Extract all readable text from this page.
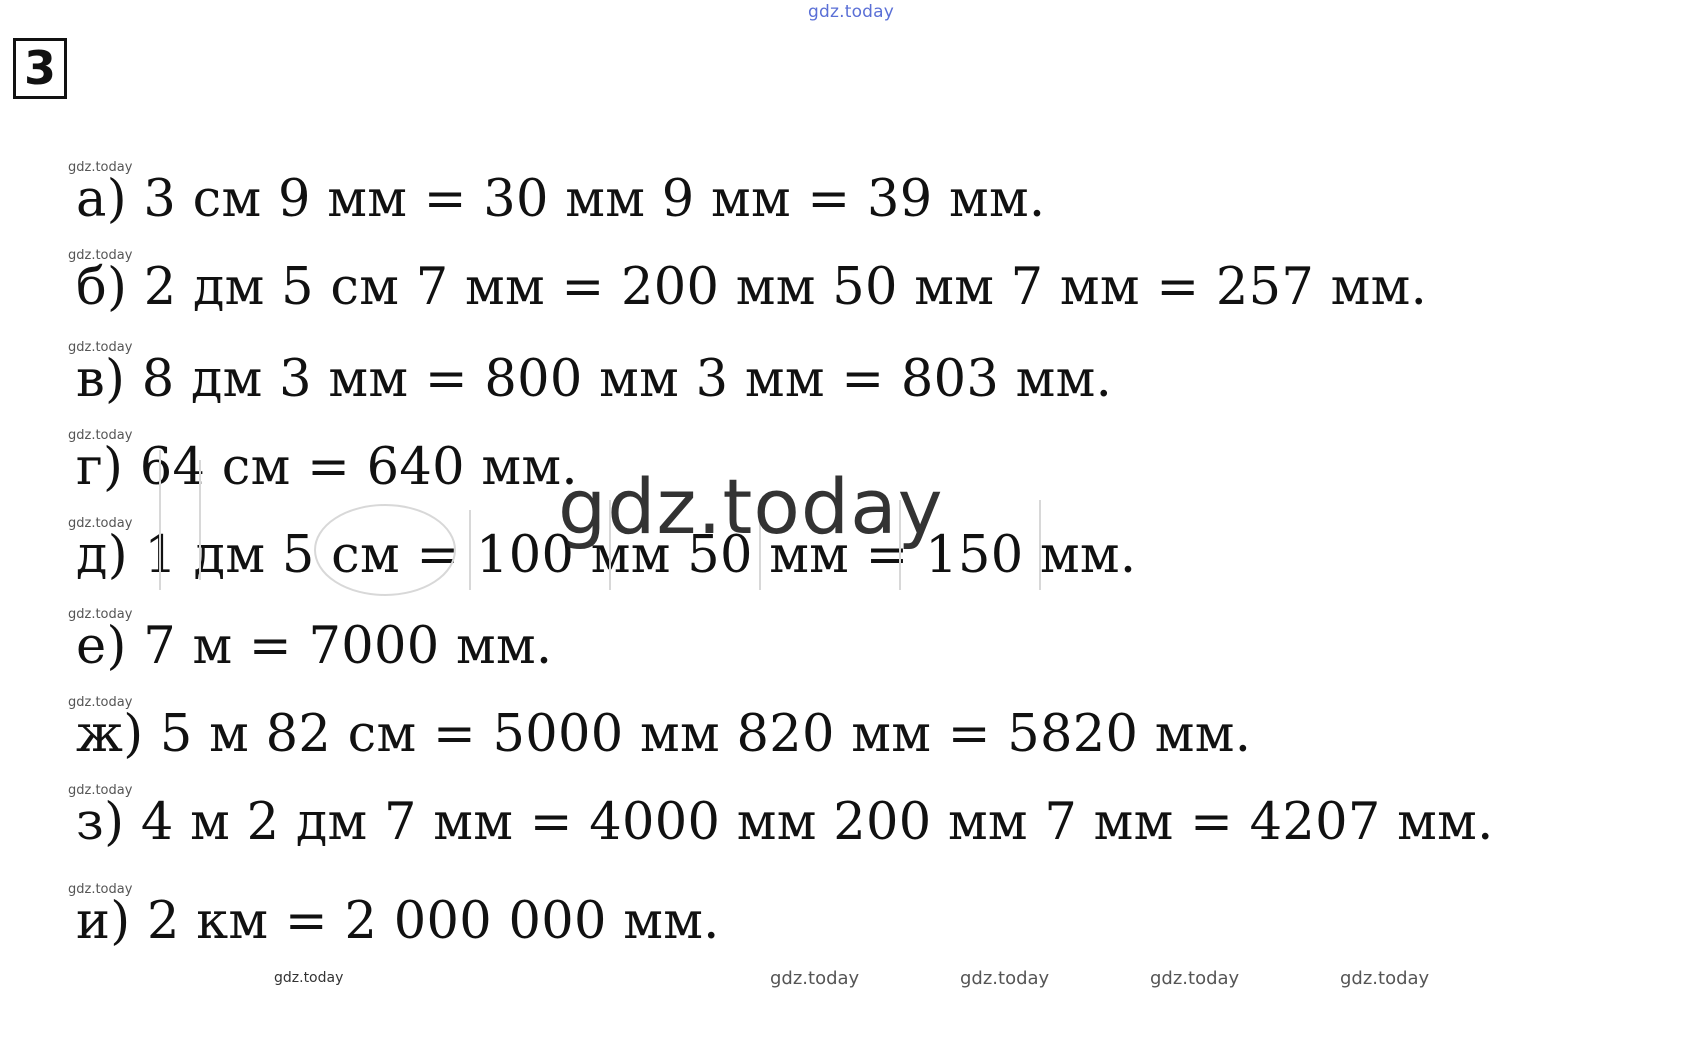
gdz.today
3
gdz.today
а) 3 см 9 мм = 30 мм 9 мм = 39 мм.
gdz.today
б) 2 дм 5 см 7 мм = 200 мм 50 мм 7 мм = 257 мм.
gdz.today
в) 8 дм 3 мм = 800 мм 3 мм = 803 мм.
gdz.today
г) 64 см = 640 мм.
gdz.today
д) 1 дм 5 см = 100 мм 50 мм = 150 мм.
gdz.today
е) 7 м = 7000 мм.
gdz.today
ж) 5 м 82 см = 5000 мм 820 мм = 5820 мм.
gdz.today
з) 4 м 2 дм 7 мм = 4000 мм 200 мм 7 мм = 4207 мм.
gdz.today
и) 2 км = 2 000 000 мм.
gdz.today
gdz.today	gdz.today	gdz.today	gdz.today	gdz.today
